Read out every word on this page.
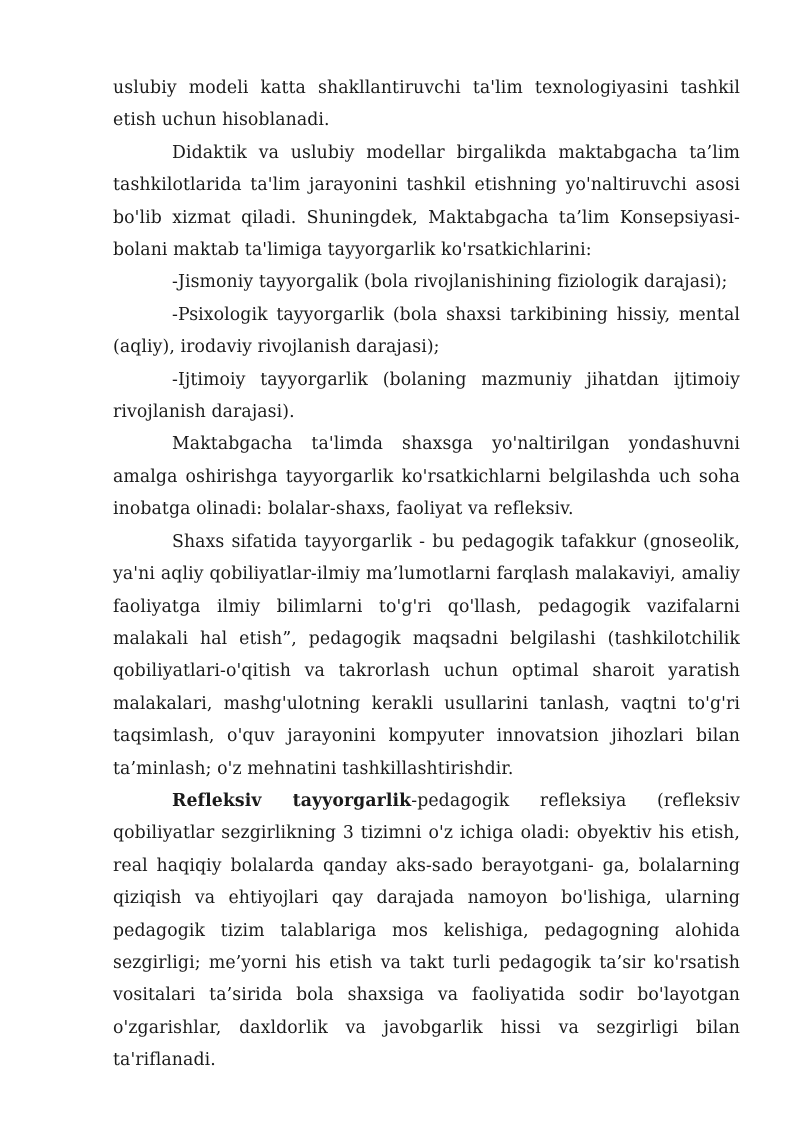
uslubiy modeli katta shakllantiruvchi ta'lim texnologiyasini tashkil etish uchun hisoblanadi.

Didaktik va uslubiy modellar birgalikda maktabgacha ta’lim tashkilotlarida ta'lim jarayonini tashkil etishning yo'naltiruvchi asosi bo'lib xizmat qiladi. Shuningdek, Maktabgacha ta’lim Konsepsiyasi-bolani maktab ta'limiga tayyorgarlik ko'rsatkichlarini:

-Jismoniy tayyorgalik (bola rivojlanishining fiziologik darajasi);

-Psixologik tayyorgarlik (bola shaxsi tarkibining hissiy, mental (aqliy), irodaviy rivojlanish darajasi);

-Ijtimoiy tayyorgarlik (bolaning mazmuniy jihatdan ijtimoiy rivojlanish darajasi).

Maktabgacha ta'limda shaxsga yo'naltirilgan yondashuvni amalga oshirishga tayyorgarlik ko'rsatkichlarni belgilashda uch soha inobatga olinadi: bolalar-shaxs, faoliyat va refleksiv.

Shaxs sifatida tayyorgarlik - bu pedagogik tafakkur (gnoseolik, ya'ni aqliy qobiliyatlar-ilmiy ma’lumotlarni farqlash malakaviyi, amaliy faoliyatga ilmiy bilimlarni to'g'ri qo'llash, pedagogik vazifalarni malakali hal etish”, pedagogik maqsadni belgilashi (tashkilotchilik qobiliyatlari-o'qitish va takrorlash uchun optimal sharoit yaratish malakalari, mashg'ulotning kerakli usullarini tanlash, vaqtni to'g'ri taqsimlash, o'quv jarayonini kompyuter innovatsion jihozlari bilan ta’minlash; o'z mehnatini tashkillashtirishdir.

Refleksiv tayyorgarlik-pedagogik refleksiya (refleksiv qobiliyatlar sezgirlikning 3 tizimni o'z ichiga oladi: obyektiv his etish, real haqiqiy bolalarda qanday aks-sado berayotgani- ga, bolalarning qiziqish va ehtiyojlari qay darajada namoyon bo'lishiga, ularning pedagogik tizim talablariga mos kelishiga, pedagogning alohida sezgirligi; me’yorni his etish va takt turli pedagogik ta’sir ko'rsatish vositalari ta’sirida bola shaxsiga va faoliyatida sodir bo'layotgan o'zgarishlar, daxldorlik va javobgarlik hissi va sezgirligi bilan ta'riflanadi.
